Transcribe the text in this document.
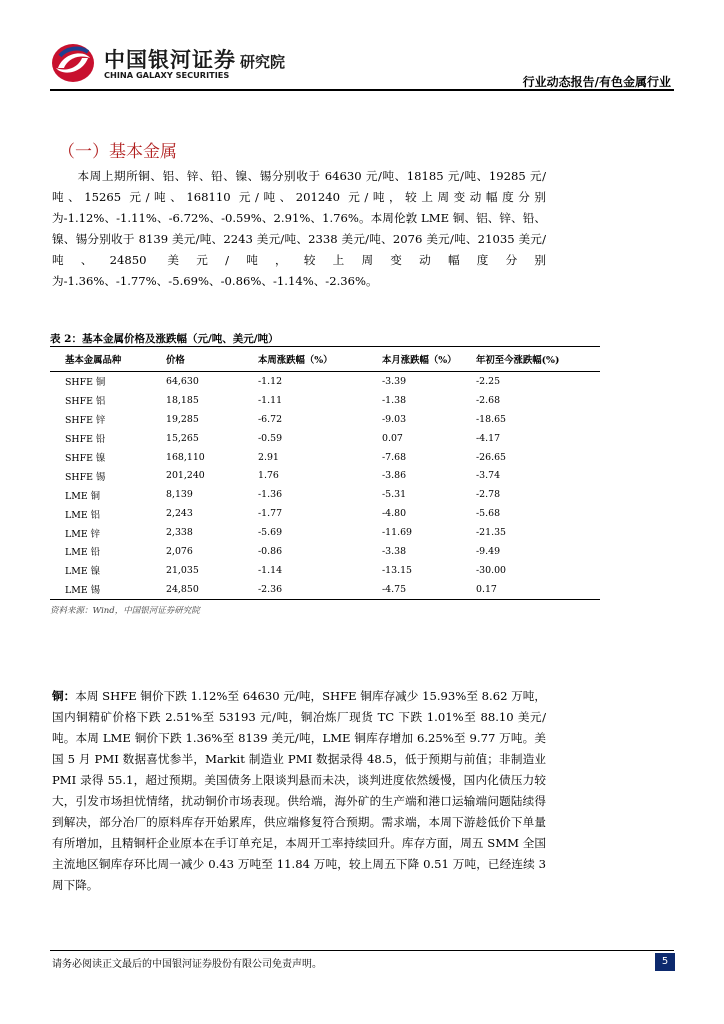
中国银河证券
CHINA GALAXY SECURITIES
研究院
行业动态报告/有色金属行业
（一）基本金属
本周上期所铜、铝、锌、铅、镍、锡分别收于 64630 元/吨、18185 元/吨、19285 元/吨、15265 元/吨、168110 元/吨、201240 元/吨，较上周变动幅度分别为-1.12%、-1.11%、-6.72%、-0.59%、2.91%、1.76%。本周伦敦 LME 铜、铝、锌、铅、镍、锡分别收于 8139 美元/吨、2243 美元/吨、2338 美元/吨、2076 美元/吨、21035 美元/吨、24850 美元/吨，较上周变动幅度分别为-1.36%、-1.77%、-5.69%、-0.86%、-1.14%、-2.36%。
表 2：基本金属价格及涨跌幅（元/吨、美元/吨）
基本金属品种	价格	本周涨跌幅（%）	本月涨跌幅（%）	年初至今涨跌幅(%)
SHFE 铜	64,630	-1.12	-3.39	-2.25
SHFE 铝	18,185	-1.11	-1.38	-2.68
SHFE 锌	19,285	-6.72	-9.03	-18.65
SHFE 铅	15,265	-0.59	0.07	-4.17
SHFE 镍	168,110	2.91	-7.68	-26.65
SHFE 锡	201,240	1.76	-3.86	-3.74
LME 铜	8,139	-1.36	-5.31	-2.78
LME 铝	2,243	-1.77	-4.80	-5.68
LME 锌	2,338	-5.69	-11.69	-21.35
LME 铅	2,076	-0.86	-3.38	-9.49
LME 镍	21,035	-1.14	-13.15	-30.00
LME 锡	24,850	-2.36	-4.75	0.17
资料来源：Wind，中国银河证券研究院
铜：本周 SHFE 铜价下跌 1.12%至 64630 元/吨，SHFE 铜库存减少 15.93%至 8.62 万吨，国内铜精矿价格下跌 2.51%至 53193 元/吨，铜冶炼厂现货 TC 下跌 1.01%至 88.10 美元/吨。本周 LME 铜价下跌 1.36%至 8139 美元/吨，LME 铜库存增加 6.25%至 9.77 万吨。美国 5 月 PMI 数据喜忧参半，Markit 制造业 PMI 数据录得 48.5，低于预期与前值；非制造业 PMI 录得 55.1，超过预期。美国债务上限谈判悬而未决，谈判进度依然缓慢，国内化债压力较大，引发市场担忧情绪，扰动铜价市场表现。供给端，海外矿的生产端和港口运输端问题陆续得到解决，部分冶厂的原料库存开始累库，供应端修复符合预期。需求端，本周下游趁低价下单量有所增加，且精铜杆企业原本在手订单充足，本周开工率持续回升。库存方面，周五 SMM 全国主流地区铜库存环比周一减少 0.43 万吨至 11.84 万吨，较上周五下降 0.51 万吨，已经连续 3 周下降。
请务必阅读正文最后的中国银河证券股份有限公司免责声明。	5
